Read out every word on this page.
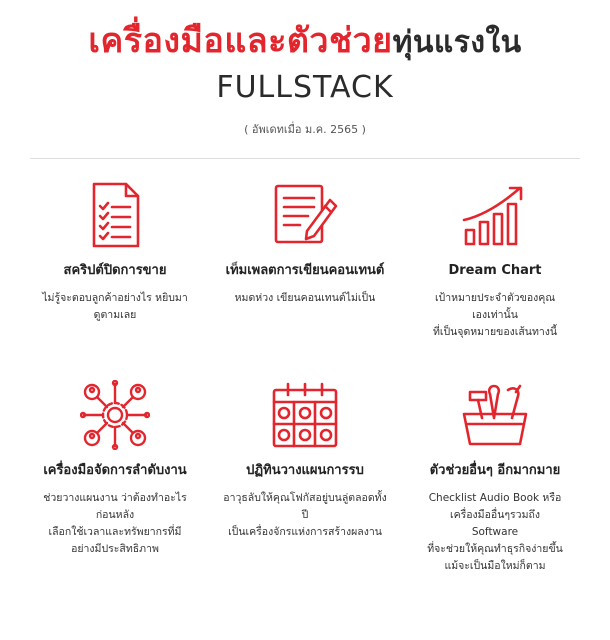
เครื่องมือและตัวช่วยทุ่นแรงใน
FULLSTACK
( อัพเดทเมื่อ ม.ค. 2565 )
สคริปต์ปิดการขาย

ไม่รู้จะตอบลูกค้าอย่างไร หยิบมา

ดูตามเลย

เท็มเพลตการเขียนคอนเทนต์

หมดห่วง เขียนคอนเทนต์ไม่เป็น

Dream Chart

เป้าหมายประจำตัวของคุณ

เองเท่านั้น

ที่เป็นจุดหมายของเส้นทางนี้

เครื่องมือจัดการลำดับงาน

ช่วยวางแผนงาน ว่าต้องทำอะไร

ก่อนหลัง

เลือกใช้เวลาและทรัพยากรที่มี

อย่างมีประสิทธิภาพ

ปฏิทินวางแผนการรบ

อาวุธลับให้คุณโฟกัสอยู่บนลู่ตลอดทั้งปี

เป็นเครื่องจักรแห่งการสร้างผลงาน

ตัวช่วยอื่นๆ อีกมากมาย

Checklist Audio Book หรือ

เครื่องมืออื่นๆรวมถึง

Software

ที่จะช่วยให้คุณทำธุรกิจง่ายขึ้น

แม้จะเป็นมือใหม่ก็ตาม
